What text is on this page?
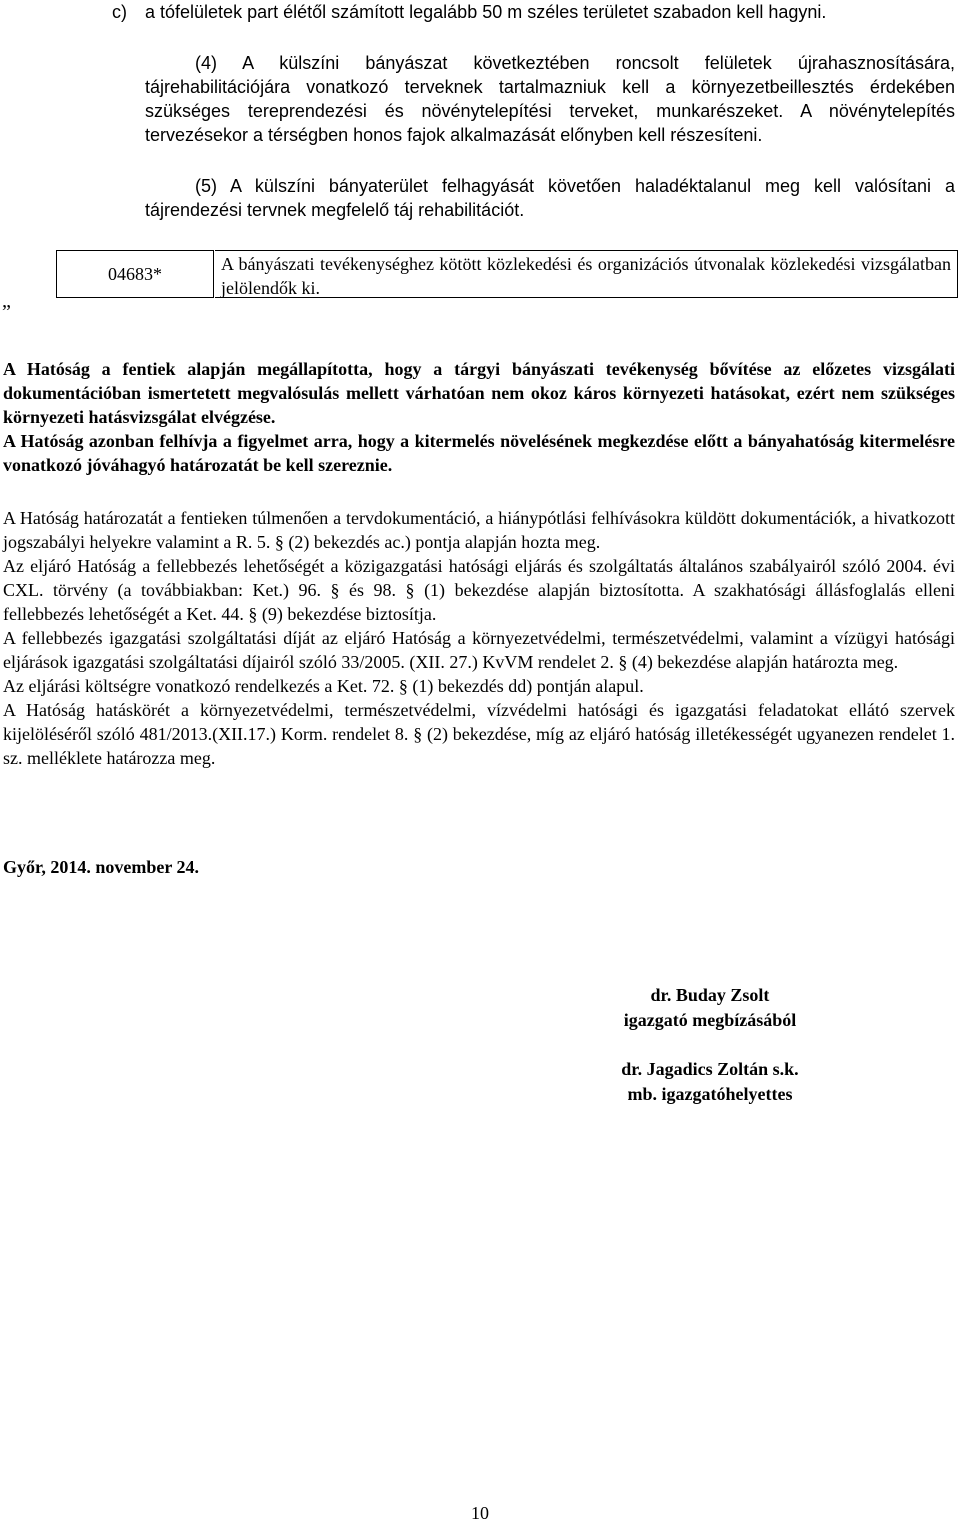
c)	a tófelületek part élétől számított legalább 50 m széles területet szabadon kell hagyni.
(4) A külszíni bányászat következtében roncsolt felületek újrahasznosítására, tájrehabilitációjára vonatkozó terveknek tartalmazniuk kell a környezetbeillesztés érdekében szükséges tereprendezési és növénytelepítési terveket, munkarészeket. A növénytelepítés tervezésekor a térségben honos fajok alkalmazását előnyben kell részesíteni.
(5) A külszíni bányaterület felhagyását követően haladéktalanul meg kell valósítani a tájrendezési tervnek megfelelő táj rehabilitációt.
04683*	A bányászati tevékenységhez kötött közlekedési és organizációs útvonalak közlekedési vizsgálatban jelölendők ki.
”
A Hatóság a fentiek alapján megállapította, hogy a tárgyi bányászati tevékenység bővítése az előzetes vizsgálati dokumentációban ismertetett megvalósulás mellett várhatóan nem okoz káros környezeti hatásokat, ezért nem szükséges környezeti hatásvizsgálat elvégzése.
A Hatóság azonban felhívja a figyelmet arra, hogy a kitermelés növelésének megkezdése előtt a bányahatóság kitermelésre vonatkozó jóváhagyó határozatát be kell szereznie.

A Hatóság határozatát a fentieken túlmenően a tervdokumentáció, a hiánypótlási felhívásokra küldött dokumentációk, a hivatkozott jogszabályi helyekre valamint a R. 5. § (2) bekezdés ac.) pontja alapján hozta meg.

Az eljáró Hatóság a fellebbezés lehetőségét a közigazgatási hatósági eljárás és szolgáltatás általános szabályairól szóló 2004. évi CXL. törvény (a továbbiakban: Ket.) 96. § és 98. § (1) bekezdése alapján biztosította. A szakhatósági állásfoglalás elleni fellebbezés lehetőségét a Ket. 44. § (9) bekezdése biztosítja.

A fellebbezés igazgatási szolgáltatási díját az eljáró Hatóság a környezetvédelmi, természetvédelmi, valamint a vízügyi hatósági eljárások igazgatási szolgáltatási díjairól szóló 33/2005. (XII. 27.) KvVM rendelet 2. § (4) bekezdése alapján határozta meg.

Az eljárási költségre vonatkozó rendelkezés a Ket. 72. § (1) bekezdés dd) pontján alapul.

A Hatóság hatáskörét a környezetvédelmi, természetvédelmi, vízvédelmi hatósági és igazgatási feladatokat ellátó szervek kijelöléséről szóló 481/2013.(XII.17.) Korm. rendelet 8. § (2) bekezdése, míg az eljáró hatóság illetékességét ugyanezen rendelet 1. sz. melléklete határozza meg.

Győr, 2014. november 24.
dr. Buday Zsolt
igazgató megbízásából
dr. Jagadics Zoltán s.k.
mb. igazgatóhelyettes
10
